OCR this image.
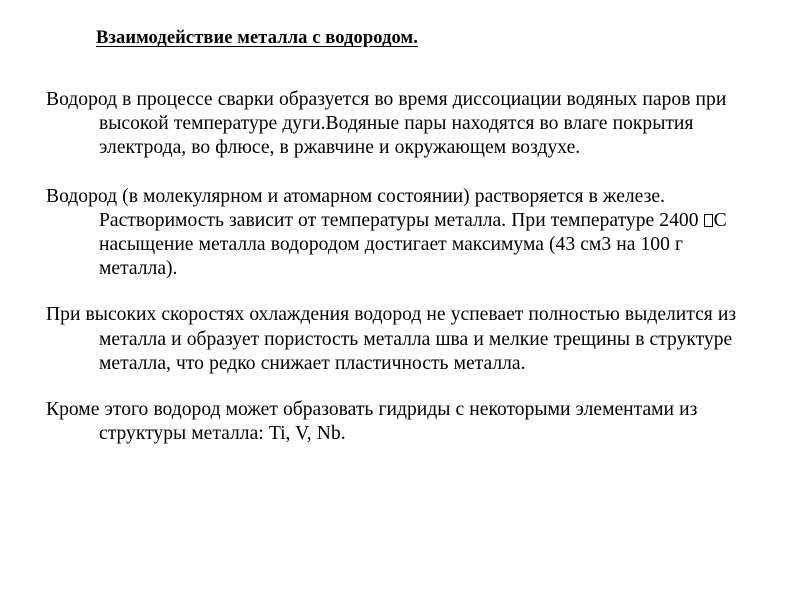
Взаимодействие металла с водородом.

Водород в процессе сварки образуется во время диссоциации водяных паров при высокой температуре дуги.Водяные пары находятся во влаге покрытия электрода, во флюсе, в ржавчине и окружающем воздухе.

Водород (в молекулярном и атомарном состоянии) растворяется в железе. Растворимость зависит от температуры металла. При температуре 2400 С насыщение металла водородом достигает максимума (43 см3 на 100 г металла).

При высоких скоростях охлаждения водород не успевает полностью выделится из металла и образует пористость металла шва и мелкие трещины в структуре металла, что редко снижает пластичность металла.

Кроме этого водород может образовать гидриды с некоторыми элементами из структуры металла: Ti, V, Nb.
